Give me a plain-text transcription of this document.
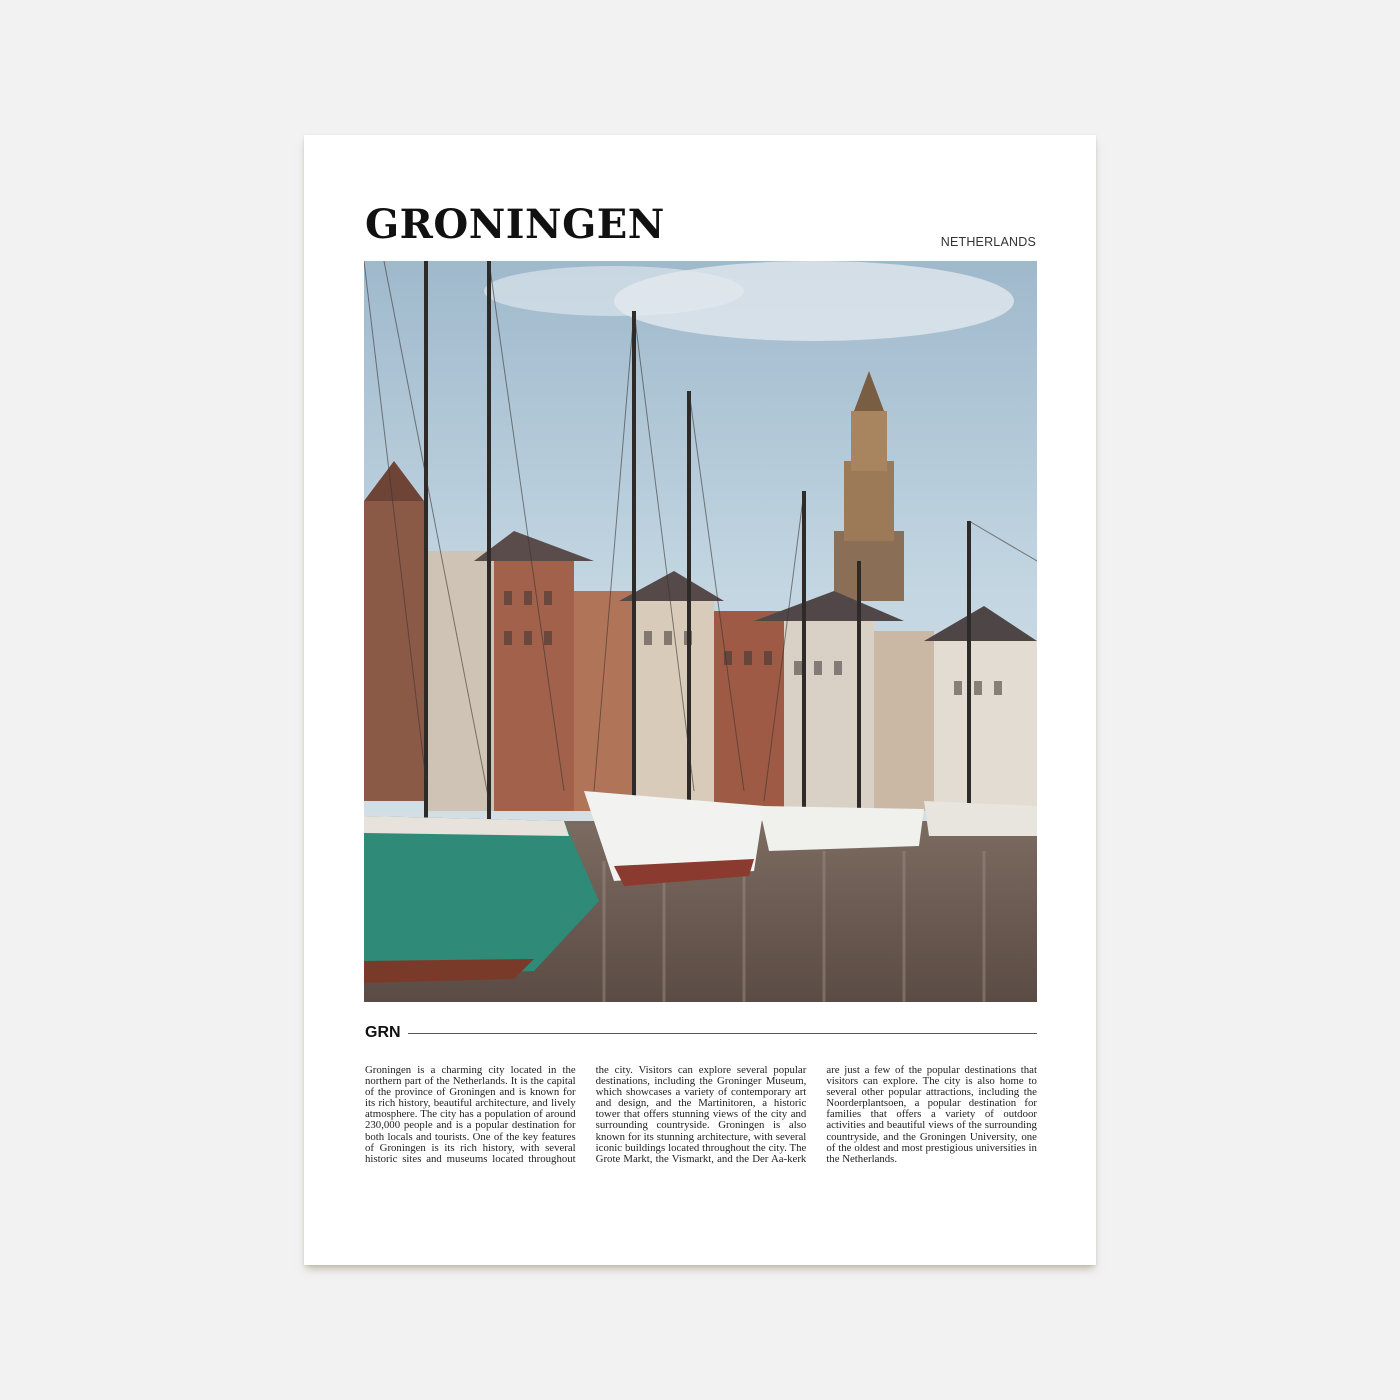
GRONINGEN	NETHERLANDS
GRN
Groningen is a charming city located in the northern part of the Netherlands. It is the capital of the province of Groningen and is known for its rich history, beautiful architecture, and lively atmosphere. The city has a population of around 230,000 people and is a popular destination for both locals and tourists. One of the key features of Groningen is its rich history, with several historic sites and museums located throughout the city. Visitors can explore several popular destinations, including the Groninger Museum, which showcases a variety of contemporary art and design, and the Martinitoren, a historic tower that offers stunning views of the city and surrounding countryside. Groningen is also known for its stunning architecture, with several iconic buildings located throughout the city. The Grote Markt, the Vismarkt, and the Der Aa-kerk are just a few of the popular destinations that visitors can explore. The city is also home to several other popular attractions, including the Noorderplantsoen, a popular destination for families that offers a variety of outdoor activities and beautiful views of the surrounding countryside, and the Groningen University, one of the oldest and most prestigious universities in the Netherlands.
